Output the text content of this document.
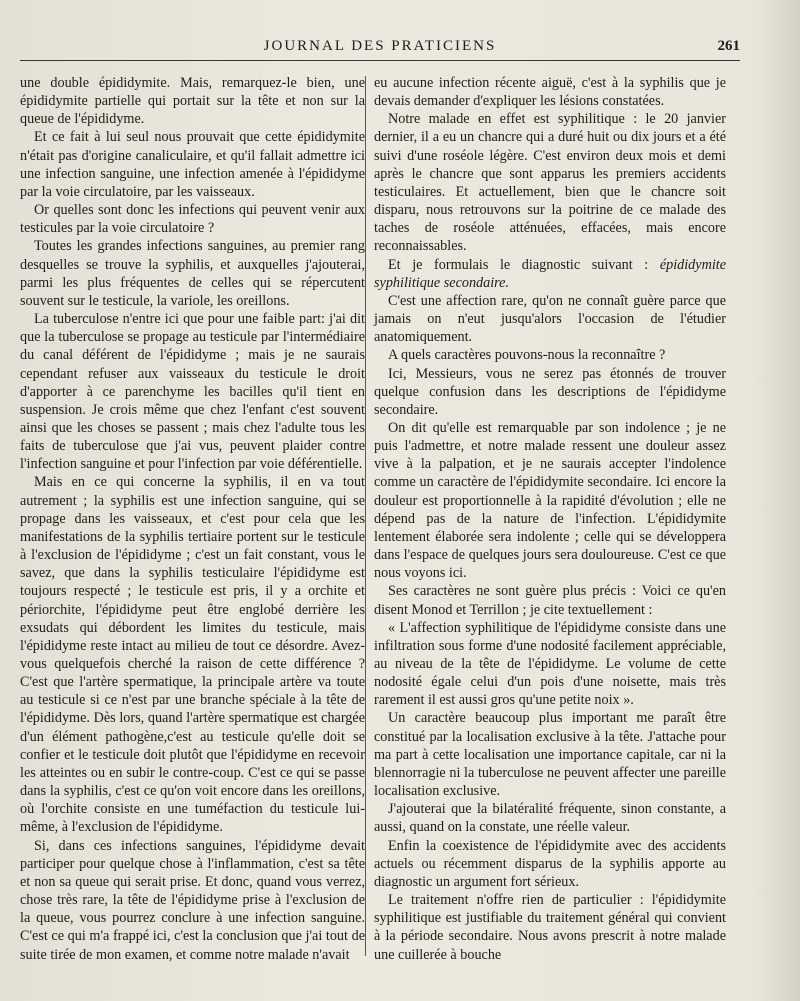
JOURNAL DES PRATICIENS	261

une double épididymite. Mais, remarquez-le bien, une épididymite partielle qui portait sur la tête et non sur la queue de l'épididyme.

Et ce fait à lui seul nous prouvait que cette épididymite n'était pas d'origine canaliculaire, et qu'il fallait admettre ici une infection sanguine, une infection amenée à l'épididyme par la voie circulatoire, par les vaisseaux.

Or quelles sont donc les infections qui peuvent venir aux testicules par la voie circulatoire ?

Toutes les grandes infections sanguines, au premier rang desquelles se trouve la syphilis, et auxquelles j'ajouterai, parmi les plus fréquentes de celles qui se répercutent souvent sur le testicule, la variole, les oreillons.

La tuberculose n'entre ici que pour une faible part: j'ai dit que la tuberculose se propage au testicule par l'intermédiaire du canal déférent de l'épididyme ; mais je ne saurais cependant refuser aux vaisseaux du testicule le droit d'apporter à ce parenchyme les bacilles qu'il tient en suspension. Je crois même que chez l'enfant c'est souvent ainsi que les choses se passent ; mais chez l'adulte tous les faits de tuberculose que j'ai vus, peuvent plaider contre l'infection sanguine et pour l'infection par voie déférentielle.

Mais en ce qui concerne la syphilis, il en va tout autrement ; la syphilis est une infection sanguine, qui se propage dans les vaisseaux, et c'est pour cela que les manifestations de la syphilis tertiaire portent sur le testicule à l'exclusion de l'épididyme ; c'est un fait constant, vous le savez, que dans la syphilis testiculaire l'épididyme est toujours respecté ; le testicule est pris, il y a orchite et périorchite, l'épididyme peut être englobé derrière les exsudats qui débordent les limites du testicule, mais l'épididyme reste intact au milieu de tout ce désordre. Avez-vous quelquefois cherché la raison de cette différence ? C'est que l'artère spermatique, la principale artère va toute au testicule si ce n'est par une branche spéciale à la tête de l'épididyme. Dès lors, quand l'artère spermatique est chargée d'un élément pathogène,c'est au testicule qu'elle doit se confier et le testicule doit plutôt que l'épididyme en recevoir les atteintes ou en subir le contre-coup. C'est ce qui se passe dans la syphilis, c'est ce qu'on voit encore dans les oreillons, où l'orchite consiste en une tuméfaction du testicule lui-même, à l'exclusion de l'épididyme.

Si, dans ces infections sanguines, l'épididyme devait participer pour quelque chose à l'inflammation, c'est sa tête et non sa queue qui serait prise. Et donc, quand vous verrez, chose très rare, la tête de l'épididyme prise à l'exclusion de la queue, vous pourrez conclure à une infection sanguine. C'est ce qui m'a frappé ici, c'est la conclusion que j'ai tout de suite tirée de mon examen, et comme notre malade n'avait

eu aucune infection récente aiguë, c'est à la syphilis que je devais demander d'expliquer les lésions constatées.

Notre malade en effet est syphilitique : le 20 janvier dernier, il a eu un chancre qui a duré huit ou dix jours et a été suivi d'une roséole légère. C'est environ deux mois et demi après le chancre que sont apparus les premiers accidents testiculaires. Et actuellement, bien que le chancre soit disparu, nous retrouvons sur la poitrine de ce malade des taches de roséole atténuées, effacées, mais encore reconnaissables.

Et je formulais le diagnostic suivant : épididymite syphilitique secondaire.

C'est une affection rare, qu'on ne connaît guère parce que jamais on n'eut jusqu'alors l'occasion de l'étudier anatomiquement.

A quels caractères pouvons-nous la reconnaître ?

Ici, Messieurs, vous ne serez pas étonnés de trouver quelque confusion dans les descriptions de l'épididyme secondaire.

On dit qu'elle est remarquable par son indolence ; je ne puis l'admettre, et notre malade ressent une douleur assez vive à la palpation, et je ne saurais accepter l'indolence comme un caractère de l'épididymite secondaire. Ici encore la douleur est proportionnelle à la rapidité d'évolution ; elle ne dépend pas de la nature de l'infection. L'épididymite lentement élaborée sera indolente ; celle qui se développera dans l'espace de quelques jours sera douloureuse. C'est ce que nous voyons ici.

Ses caractères ne sont guère plus précis : Voici ce qu'en disent Monod et Terrillon ; je cite textuellement :

« L'affection syphilitique de l'épididyme consiste dans une infiltration sous forme d'une nodosité facilement appréciable, au niveau de la tête de l'épididyme. Le volume de cette nodosité égale celui d'un pois d'une noisette, mais très rarement il est aussi gros qu'une petite noix ».

Un caractère beaucoup plus important me paraît être constitué par la localisation exclusive à la tête. J'attache pour ma part à cette localisation une importance capitale, car ni la blennorragie ni la tuberculose ne peuvent affecter une pareille localisation exclusive.

J'ajouterai que la bilatéralité fréquente, sinon constante, a aussi, quand on la constate, une réelle valeur.

Enfin la coexistence de l'épididymite avec des accidents actuels ou récemment disparus de la syphilis apporte au diagnostic un argument fort sérieux.

Le traitement n'offre rien de particulier : l'épididymite syphilitique est justifiable du traitement général qui convient à la période secondaire. Nous avons prescrit à notre malade une cuillerée à bouche
